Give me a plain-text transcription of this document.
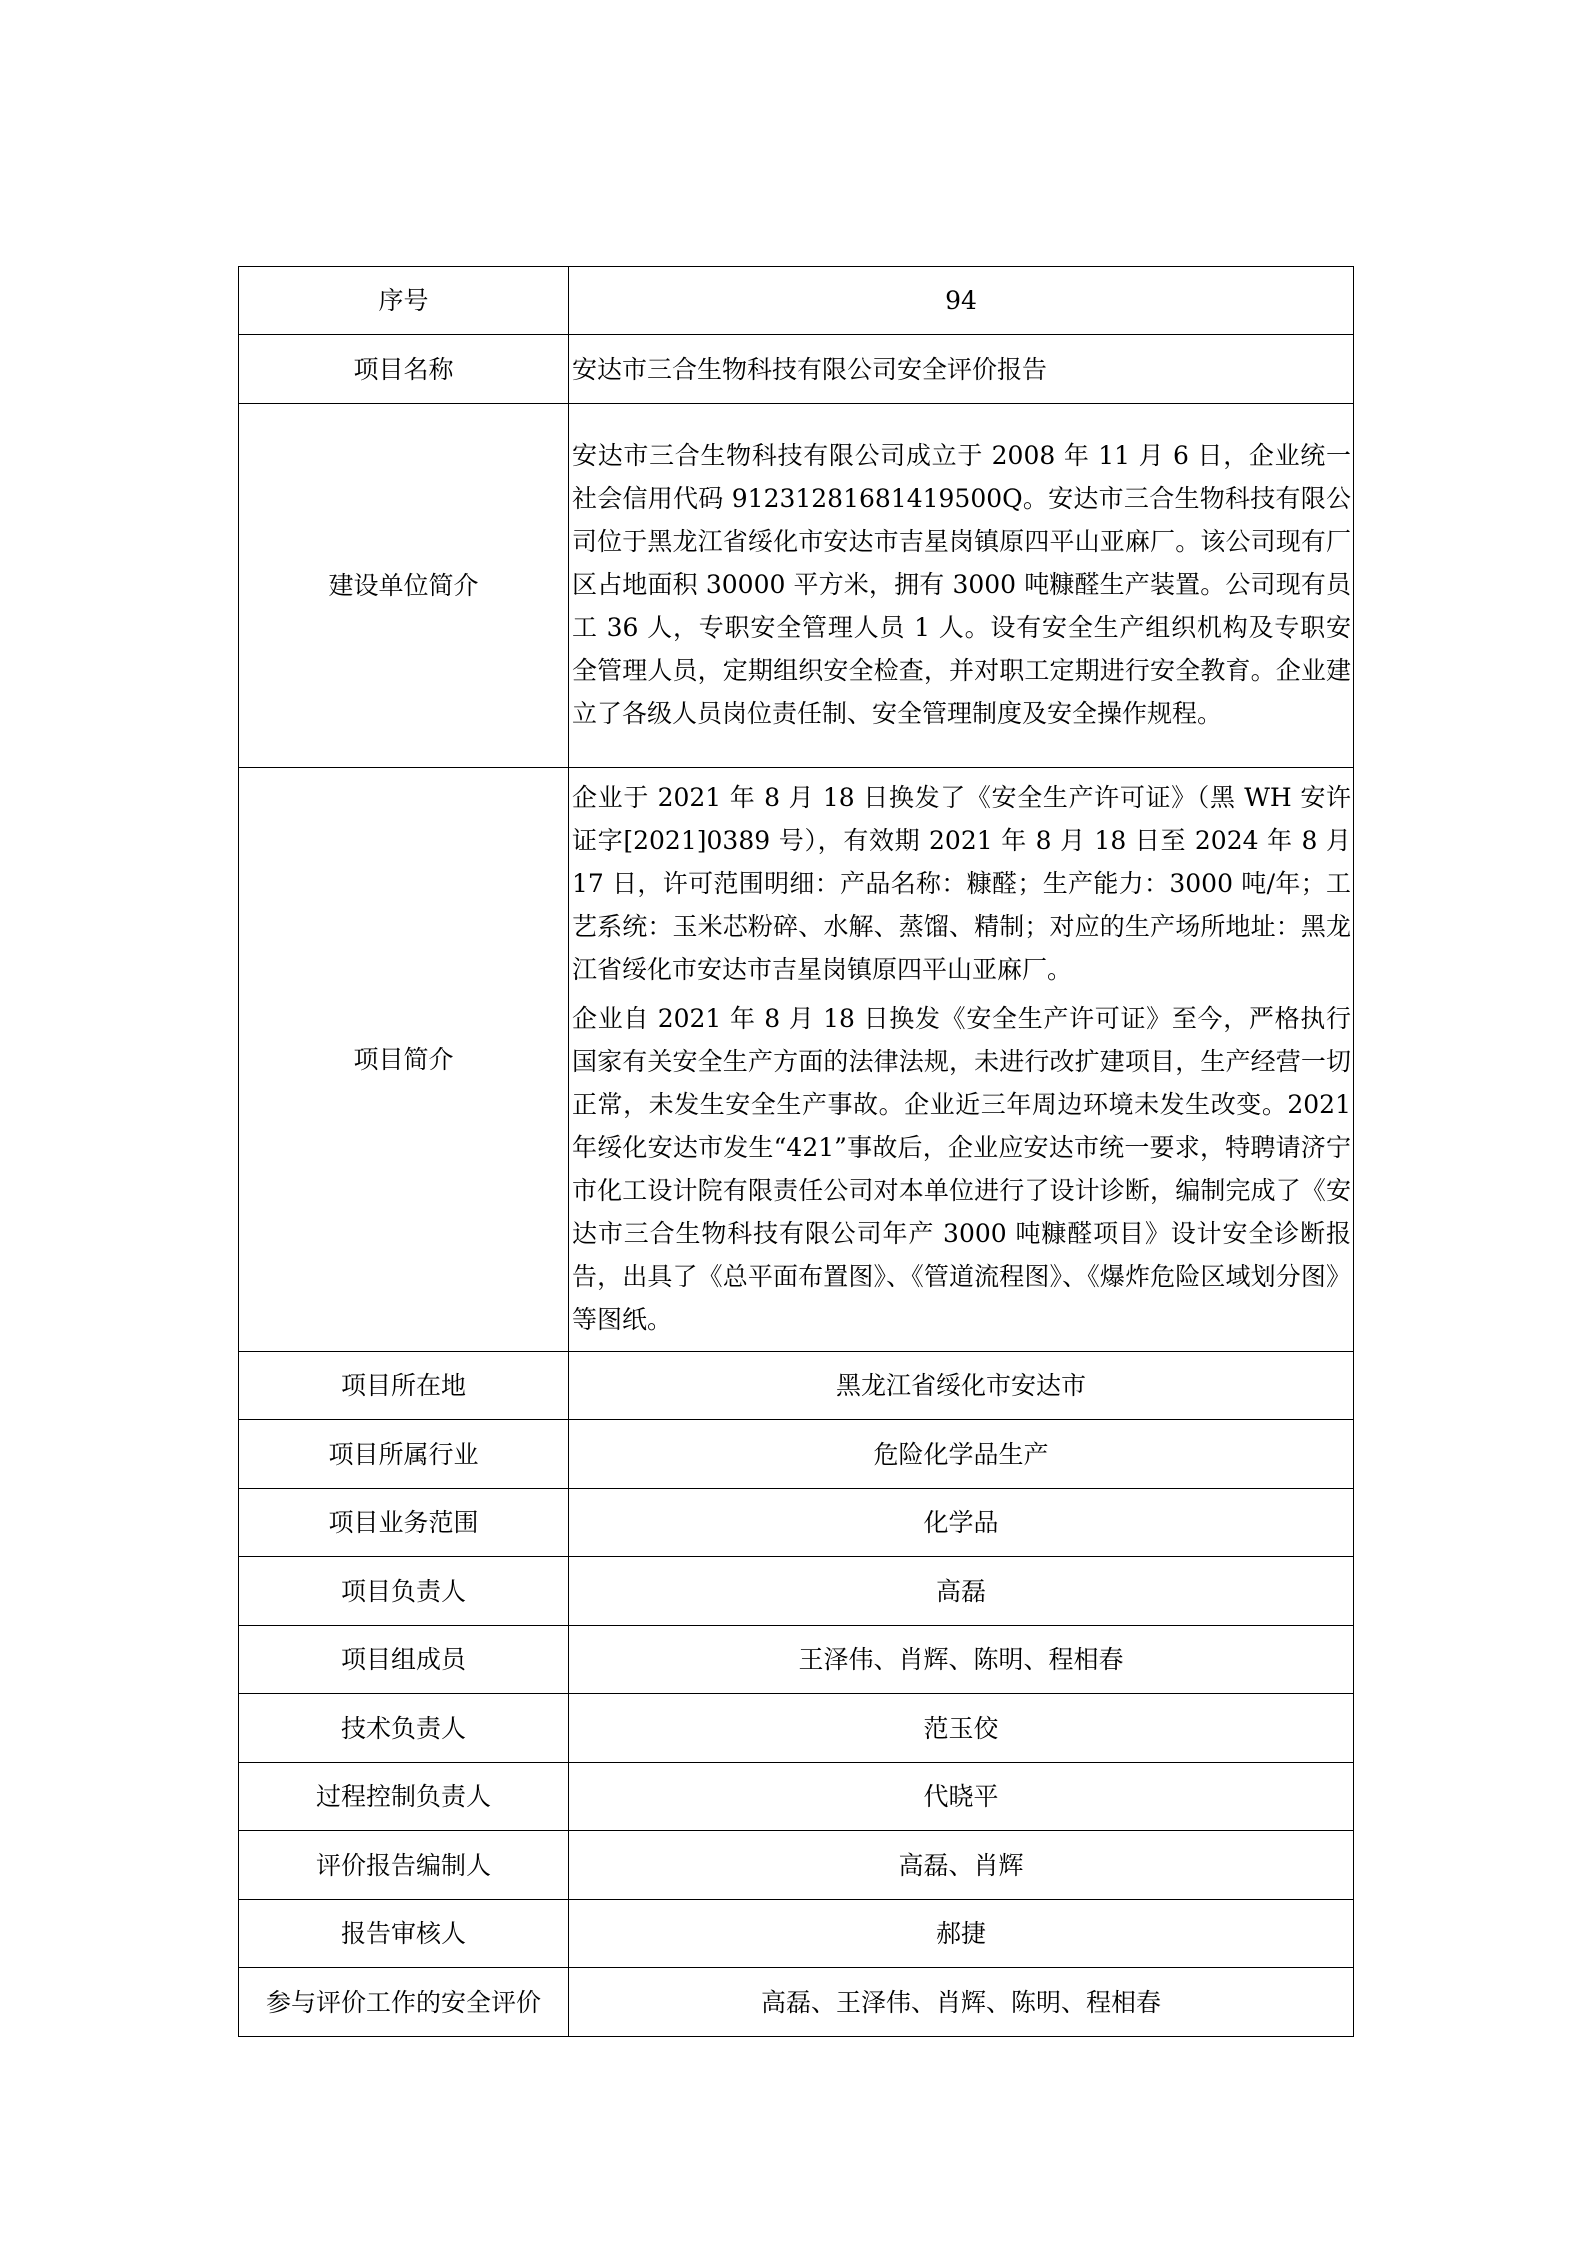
序号	94
项目名称	安达市三合生物科技有限公司安全评价报告
建设单位简介	安达市三合生物科技有限公司成立于 2008 年 11 月 6 日，企业统一社会信用代码 91231281681419500Q。安达市三合生物科技有限公司位于黑龙江省绥化市安达市吉星岗镇原四平山亚麻厂。该公司现有厂区占地面积 30000 平方米，拥有 3000 吨糠醛生产装置。公司现有员工 36 人，专职安全管理人员 1 人。设有安全生产组织机构及专职安全管理人员，定期组织安全检查，并对职工定期进行安全教育。企业建立了各级人员岗位责任制、安全管理制度及安全操作规程。

项目简介	企业于 2021 年 8 月 18 日换发了《安全生产许可证》（黑 WH 安许证字[2021]0389 号），有效期 2021 年 8 月 18 日至 2024 年 8 月 17 日，许可范围明细：产品名称：糠醛；生产能力：3000 吨/年；工艺系统：玉米芯粉碎、水解、蒸馏、精制；对应的生产场所地址：黑龙江省绥化市安达市吉星岗镇原四平山亚麻厂。

企业自 2021 年 8 月 18 日换发《安全生产许可证》至今，严格执行国家有关安全生产方面的法律法规，未进行改扩建项目，生产经营一切正常，未发生安全生产事故。企业近三年周边环境未发生改变。2021 年绥化安达市发生“421”事故后，企业应安达市统一要求，特聘请济宁市化工设计院有限责任公司对本单位进行了设计诊断，编制完成了《安达市三合生物科技有限公司年产 3000 吨糠醛项目》设计安全诊断报告，出具了《总平面布置图》、《管道流程图》、《爆炸危险区域划分图》等图纸。

项目所在地	黑龙江省绥化市安达市
项目所属行业	危险化学品生产
项目业务范围	化学品
项目负责人	高磊
项目组成员	王泽伟、肖辉、陈明、程相春
技术负责人	范玉佼
过程控制负责人	代晓平
评价报告编制人	高磊、肖辉
报告审核人	郝捷
参与评价工作的安全评价	高磊、王泽伟、肖辉、陈明、程相春
